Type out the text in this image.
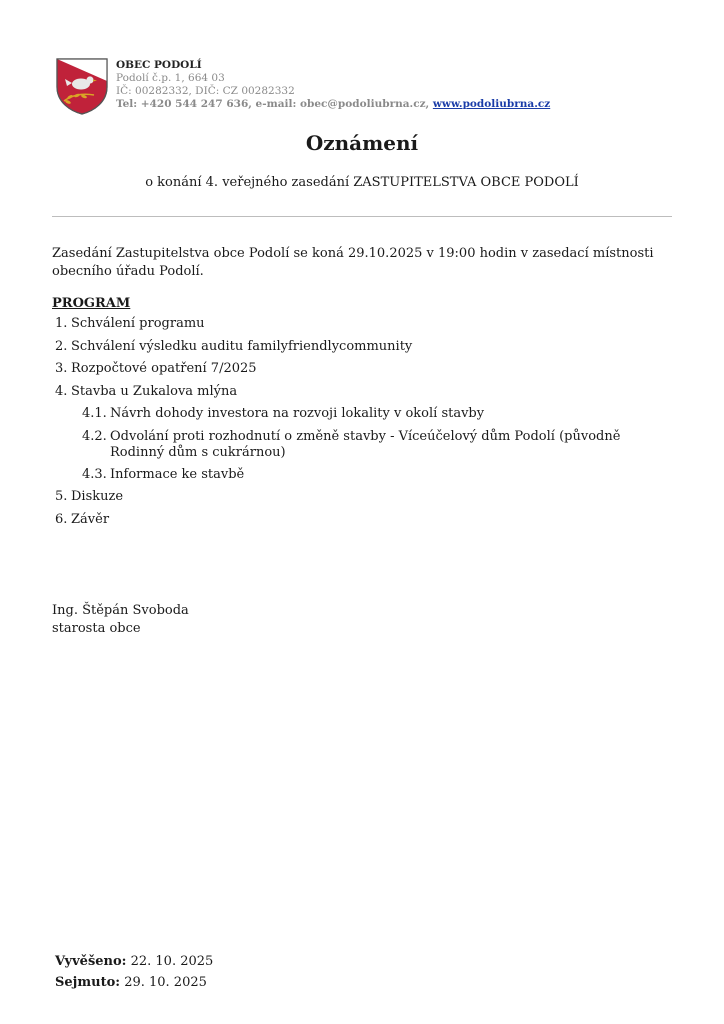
OBEC PODOLÍ
Podolí č.p. 1, 664 03
IČ: 00282332, DIČ: CZ 00282332
Tel: +420 544 247 636, e-mail: obec@podoliubrna.cz, www.podoliubrna.cz
Oznámení
o konání 4. veřejného zasedání ZASTUPITELSTVA OBCE PODOLÍ
Zasedání Zastupitelstva obce Podolí se koná 29.10.2025 v 19:00 hodin v zasedací místnosti obecního úřadu Podolí.
PROGRAM
1. Schválení programu
2. Schválení výsledku auditu familyfriendlycommunity
3. Rozpočtové opatření 7/2025
4. Stavba u Zukalova mlýna
4.1. Návrh dohody investora na rozvoji lokality v okolí stavby
4.2. Odvolání proti rozhodnutí o změně stavby - Víceúčelový dům Podolí (původně Rodinný dům s cukrárnou)
4.3. Informace ke stavbě
5. Diskuze
6. Závěr
Ing. Štěpán Svoboda
starosta obce
Vyvěšeno: 22. 10. 2025
Sejmuto: 29. 10. 2025
